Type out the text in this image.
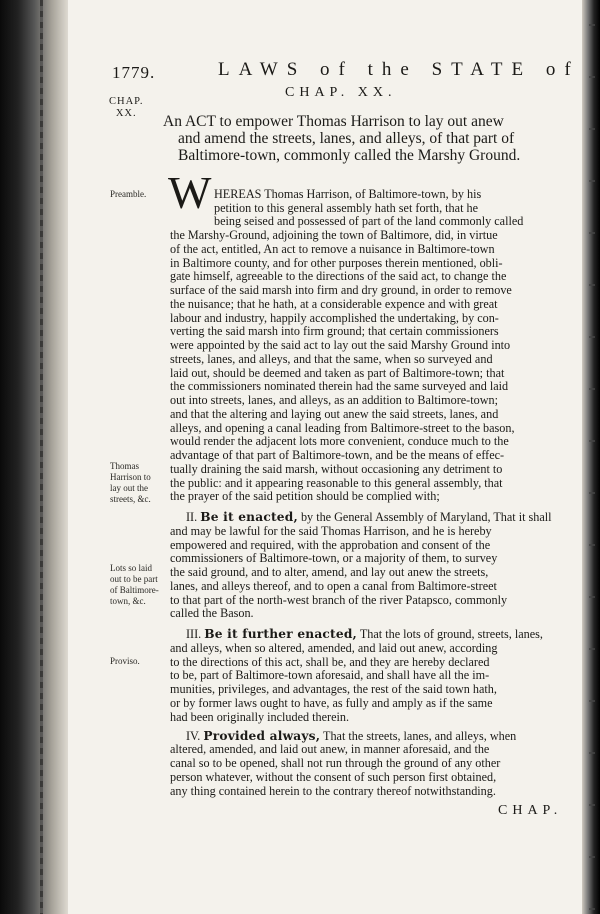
1779.	LAWS of the STATE of
CHAP. XX.
CHAP.
XX.	An ACT to empower Thomas Harrison to lay out anew
and amend the streets, lanes, and alleys, of that part of
Baltimore-town, commonly called the Marshy Ground.
Preamble.
Thomas Harrison to lay out the streets, &c.
Lots so laid out to be part of Baltimore-town, &c.
Proviso.
W HEREAS Thomas Harrison, of Baltimore-town, by his
petition to this general assembly hath set forth, that he
being seised and possessed of part of the land commonly called
the Marshy-Ground, adjoining the town of Baltimore, did, in virtue
of the act, entitled, An act to remove a nuisance in Baltimore-town
in Baltimore county, and for other purposes therein mentioned, obli-
gate himself, agreeable to the directions of the said act, to change the
surface of the said marsh into firm and dry ground, in order to remove
the nuisance; that he hath, at a considerable expence and with great
labour and industry, happily accomplished the undertaking, by con-
verting the said marsh into firm ground; that certain commissioners
were appointed by the said act to lay out the said Marshy Ground into
streets, lanes, and alleys, and that the same, when so surveyed and
laid out, should be deemed and taken as part of Baltimore-town; that
the commissioners nominated therein had the same surveyed and laid
out into streets, lanes, and alleys, as an addition to Baltimore-town;
and that the altering and laying out anew the said streets, lanes, and
alleys, and opening a canal leading from Baltimore-street to the bason,
would render the adjacent lots more convenient, conduce much to the
advantage of that part of Baltimore-town, and be the means of effec-
tually draining the said marsh, without occasioning any detriment to
the public: and it appearing reasonable to this general assembly, that
the prayer of the said petition should be complied with;
II. Be it enacted, by the General Assembly of Maryland, That it shall
and may be lawful for the said Thomas Harrison, and he is hereby
empowered and required, with the approbation and consent of the
commissioners of Baltimore-town, or a majority of them, to survey
the said ground, and to alter, amend, and lay out anew the streets,
lanes, and alleys thereof, and to open a canal from Baltimore-street
to that part of the north-west branch of the river Patapsco, commonly
called the Bason.
III. Be it further enacted, That the lots of ground, streets, lanes,
and alleys, when so altered, amended, and laid out anew, according
to the directions of this act, shall be, and they are hereby declared
to be, part of Baltimore-town aforesaid, and shall have all the im-
munities, privileges, and advantages, the rest of the said town hath,
or by former laws ought to have, as fully and amply as if the same
had been originally included therein.
IV. Provided always, That the streets, lanes, and alleys, when
altered, amended, and laid out anew, in manner aforesaid, and the
canal so to be opened, shall not run through the ground of any other
person whatever, without the consent of such person first obtained,
any thing contained herein to the contrary thereof notwithstanding.
CHAP.
